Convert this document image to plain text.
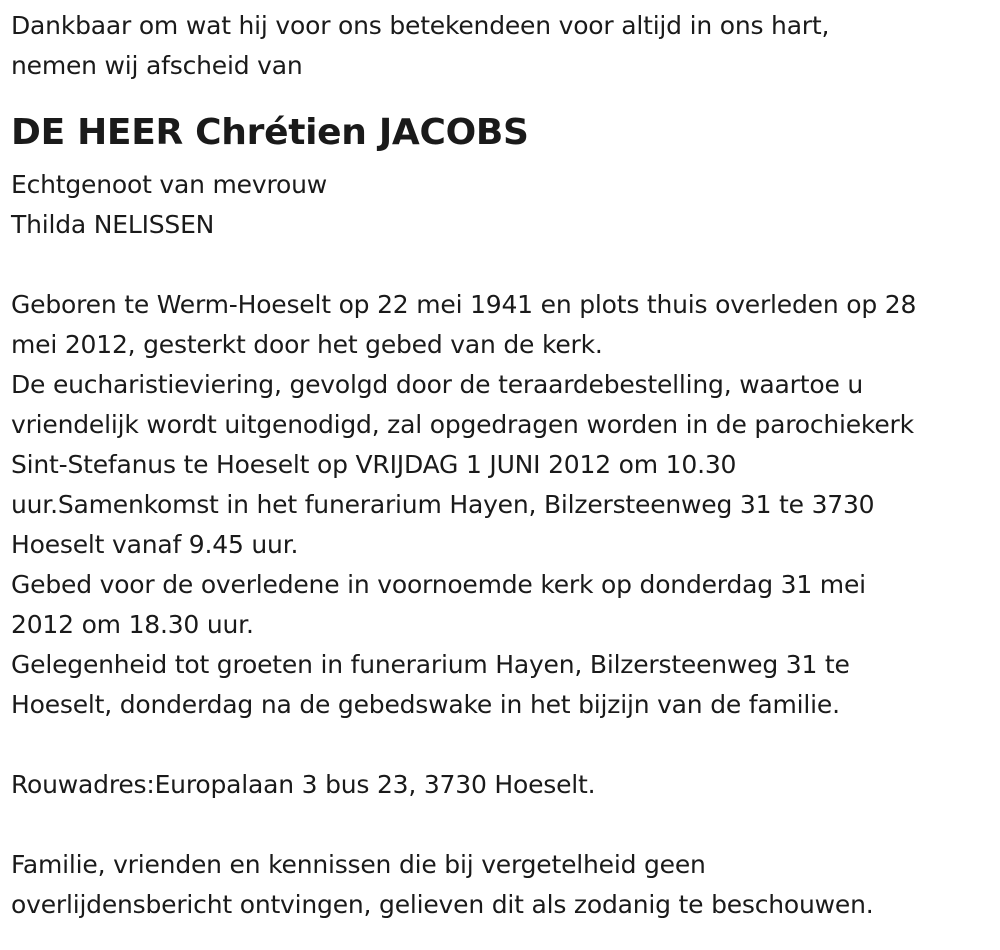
Dankbaar om wat hij voor ons betekendeen voor altijd in ons hart,
nemen wij afscheid van
DE HEER Chrétien JACOBS
Echtgenoot van mevrouw
Thilda NELISSEN
Geboren te Werm-Hoeselt op 22 mei 1941 en plots thuis overleden op 28
mei 2012, gesterkt door het gebed van de kerk.
De eucharistieviering, gevolgd door de teraardebestelling, waartoe u
vriendelijk wordt uitgenodigd, zal opgedragen worden in de parochiekerk
Sint-Stefanus te Hoeselt op VRIJDAG 1 JUNI 2012 om 10.30
uur.Samenkomst in het funerarium Hayen, Bilzersteenweg 31 te 3730
Hoeselt vanaf 9.45 uur.
Gebed voor de overledene in voornoemde kerk op donderdag 31 mei
2012 om 18.30 uur.
Gelegenheid tot groeten in funerarium Hayen, Bilzersteenweg 31 te
Hoeselt, donderdag na de gebedswake in het bijzijn van de familie.
Rouwadres:Europalaan 3 bus 23, 3730 Hoeselt.
Familie, vrienden en kennissen die bij vergetelheid geen
overlijdensbericht ontvingen, gelieven dit als zodanig te beschouwen.
